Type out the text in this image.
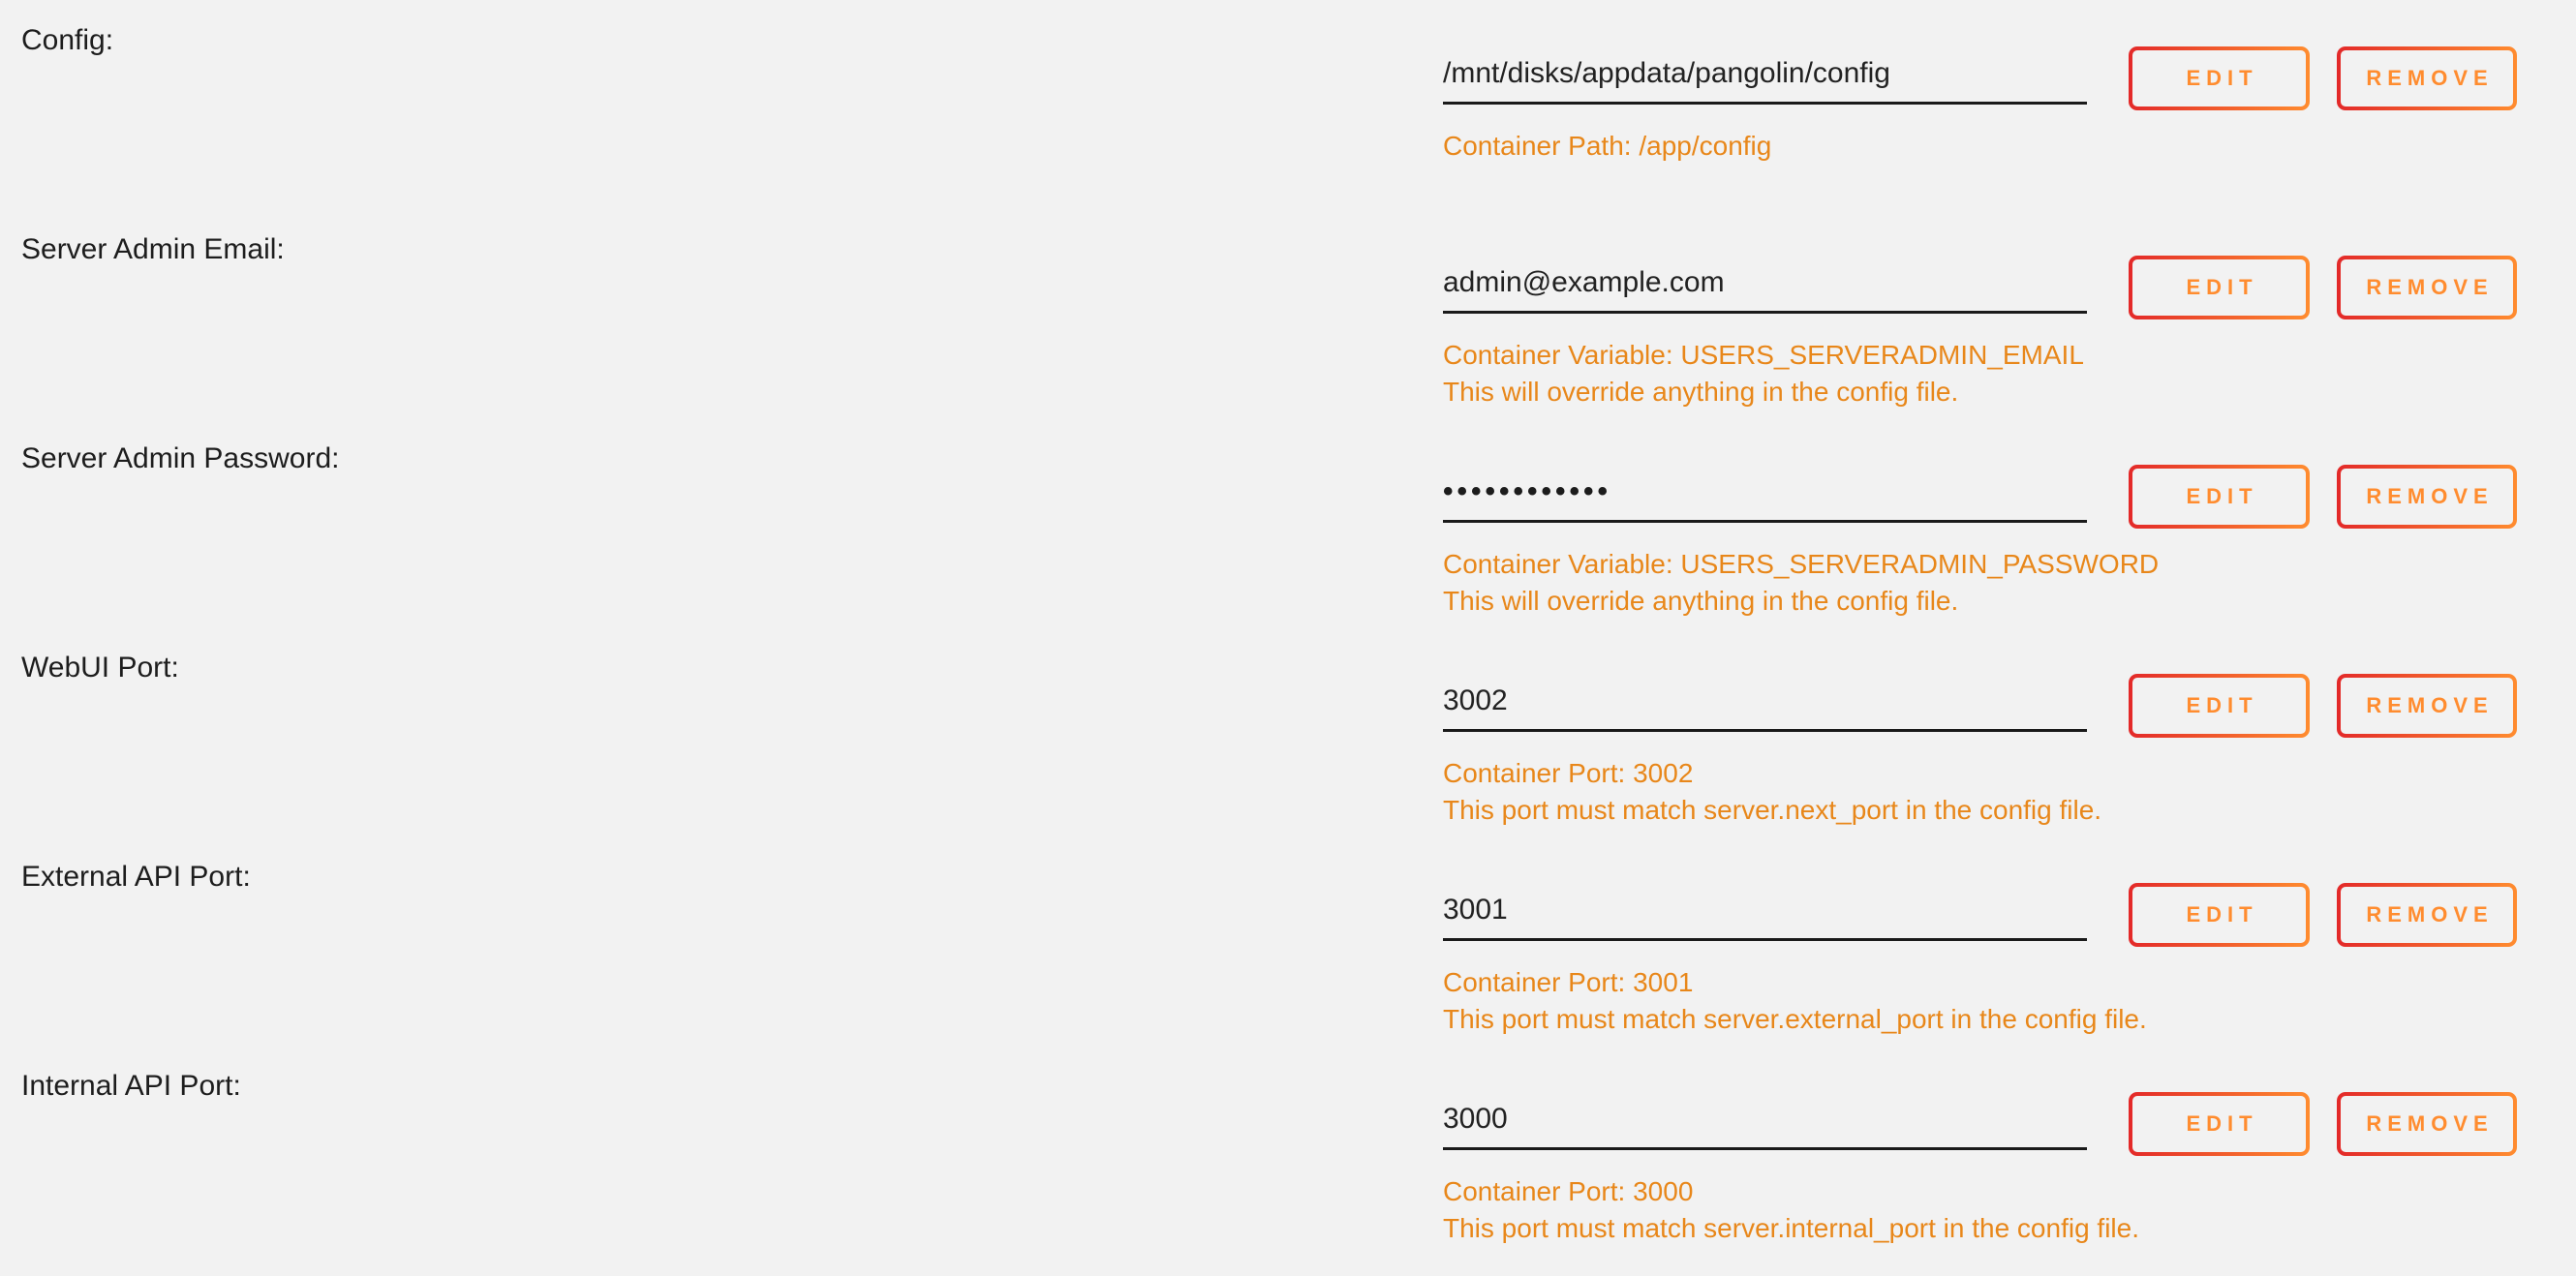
Config:
/mnt/disks/appdata/pangolin/config
Container Path: /app/config
EDIT	REMOVE
Server Admin Email:
admin@example.com
Container Variable: USERS_SERVERADMIN_EMAIL
This will override anything in the config file.
EDIT	REMOVE
Server Admin Password:
••••••••••••
Container Variable: USERS_SERVERADMIN_PASSWORD
This will override anything in the config file.
EDIT	REMOVE
WebUI Port:
3002
Container Port: 3002
This port must match server.next_port in the config file.
EDIT	REMOVE
External API Port:
3001
Container Port: 3001
This port must match server.external_port in the config file.
EDIT	REMOVE
Internal API Port:
3000
Container Port: 3000
This port must match server.internal_port in the config file.
EDIT	REMOVE
